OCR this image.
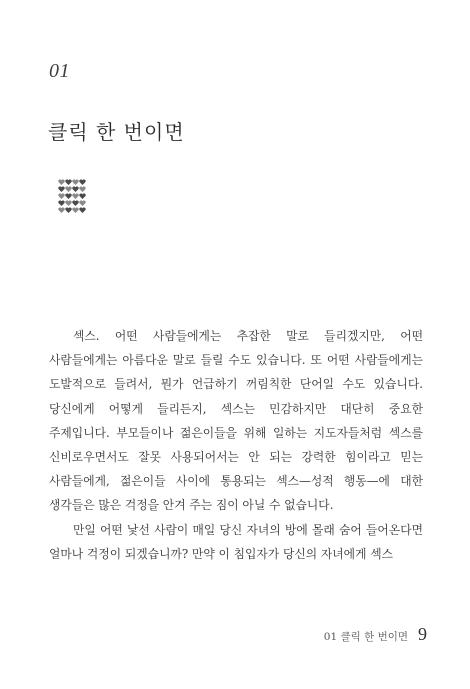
01
클릭 한 번이면

섹스. 어떤 사람들에게는 추잡한 말로 들리겠지만, 어떤 사람들에게는 아름다운 말로 들릴 수도 있습니다. 또 어떤 사람들에게는 도발적으로 들려서, 뭔가 언급하기 꺼림칙한 단어일 수도 있습니다. 당신에게 어떻게 들리든지, 섹스는 민감하지만 대단히 중요한 주제입니다. 부모들이나 젊은이들을 위해 일하는 지도자들처럼 섹스를 신비로우면서도 잘못 사용되어서는 안 되는 강력한 힘이라고 믿는 사람들에게, 젊은이들 사이에 통용되는 섹스—성적 행동—에 대한 생각들은 많은 걱정을 안겨 주는 짐이 아닐 수 없습니다.

만일 어떤 낯선 사람이 매일 당신 자녀의 방에 몰래 숨어 들어온다면 얼마나 걱정이 되겠습니까? 만약 이 침입자가 당신의 자녀에게 섹스

01 클릭 한 번이면 9
